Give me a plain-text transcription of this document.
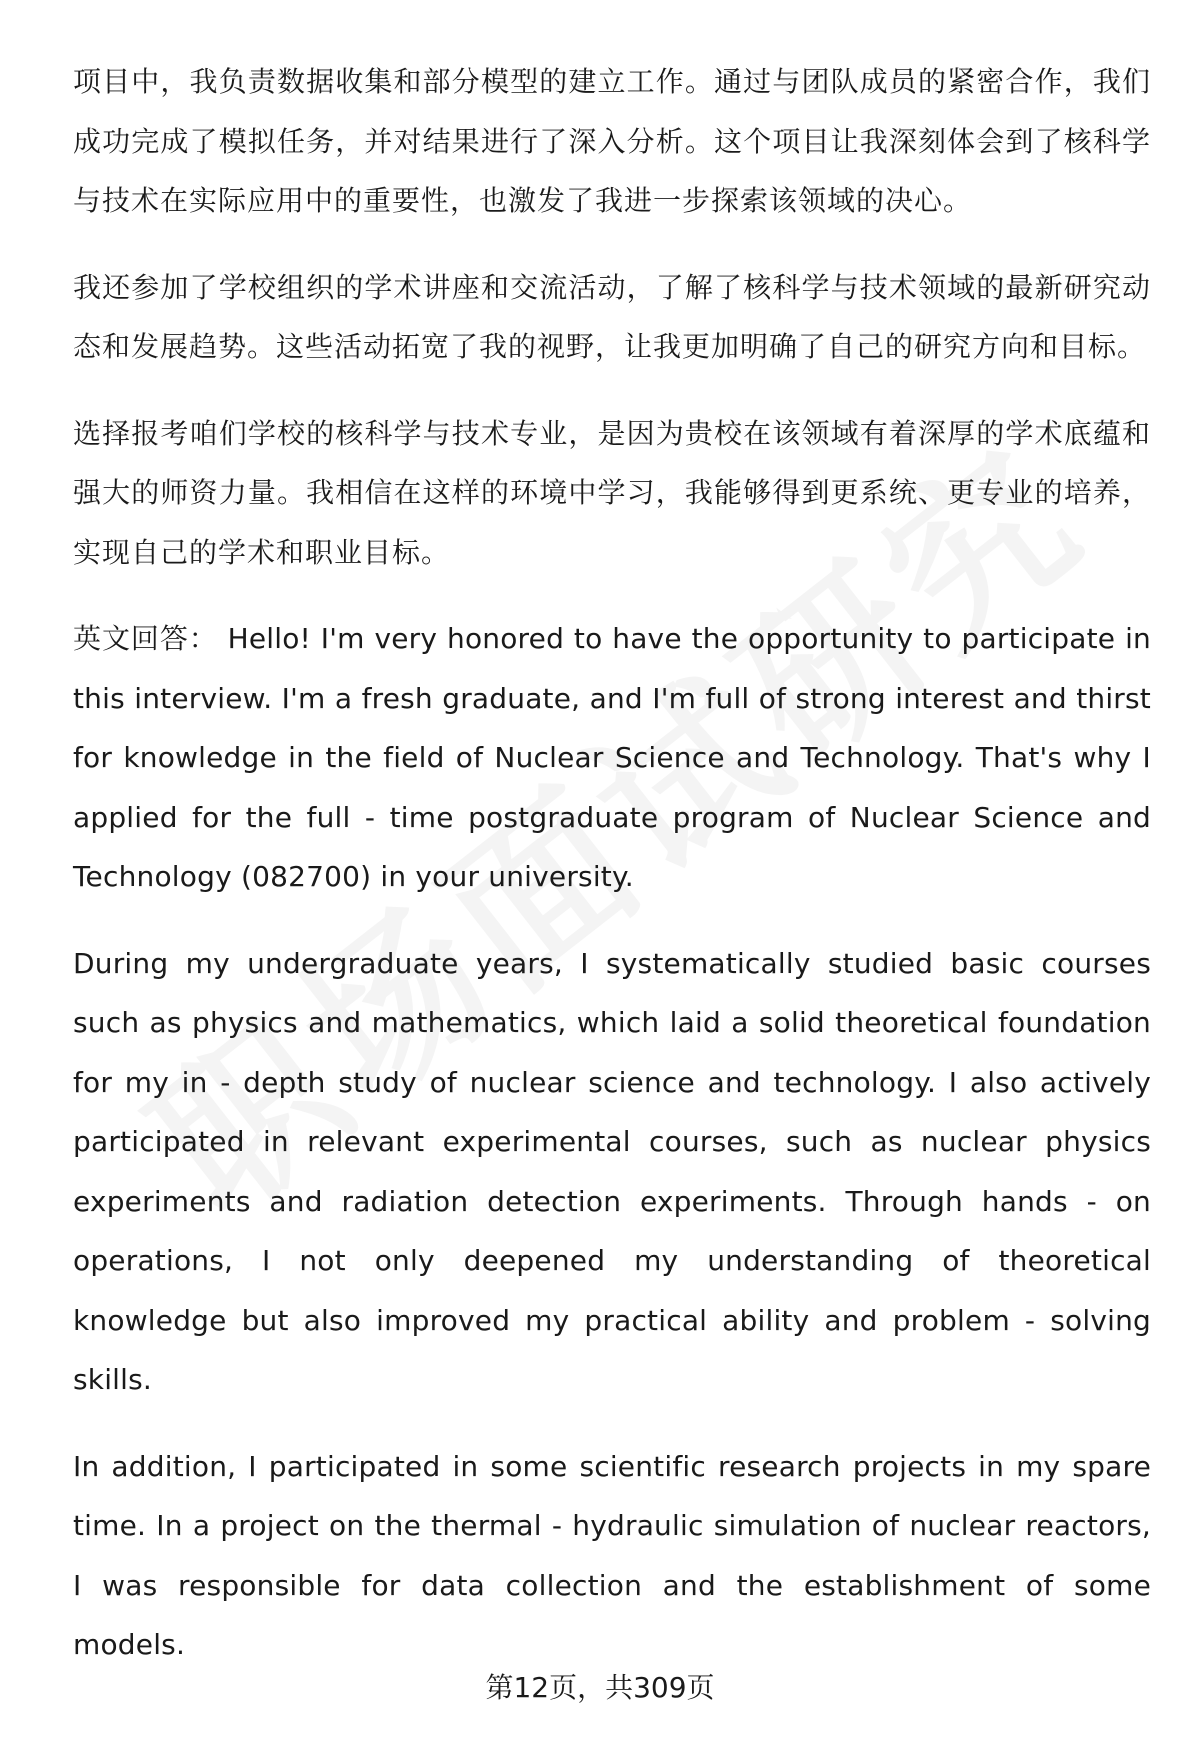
项目中，我负责数据收集和部分模型的建立工作。通过与团队成员的紧密合作，我们成功完成了模拟任务，并对结果进行了深入分析。这个项目让我深刻体会到了核科学与技术在实际应用中的重要性，也激发了我进一步探索该领域的决心。

我还参加了学校组织的学术讲座和交流活动，了解了核科学与技术领域的最新研究动态和发展趋势。这些活动拓宽了我的视野，让我更加明确了自己的研究方向和目标。

选择报考咱们学校的核科学与技术专业，是因为贵校在该领域有着深厚的学术底蕴和强大的师资力量。我相信在这样的环境中学习，我能够得到更系统、更专业的培养，实现自己的学术和职业目标。

英文回答： Hello! I'm very honored to have the opportunity to participate in this interview. I'm a fresh graduate, and I'm full of strong interest and thirst for knowledge in the field of Nuclear Science and Technology. That's why I applied for the full - time postgraduate program of Nuclear Science and Technology (082700) in your university.

During my undergraduate years, I systematically studied basic courses such as physics and mathematics, which laid a solid theoretical foundation for my in - depth study of nuclear science and technology. I also actively participated in relevant experimental courses, such as nuclear physics experiments and radiation detection experiments. Through hands - on operations, I not only deepened my understanding of theoretical knowledge but also improved my practical ability and problem - solving skills.

In addition, I participated in some scientific research projects in my spare time. In a project on the thermal - hydraulic simulation of nuclear reactors, I was responsible for data collection and the establishment of some models.

第12页，共309页
